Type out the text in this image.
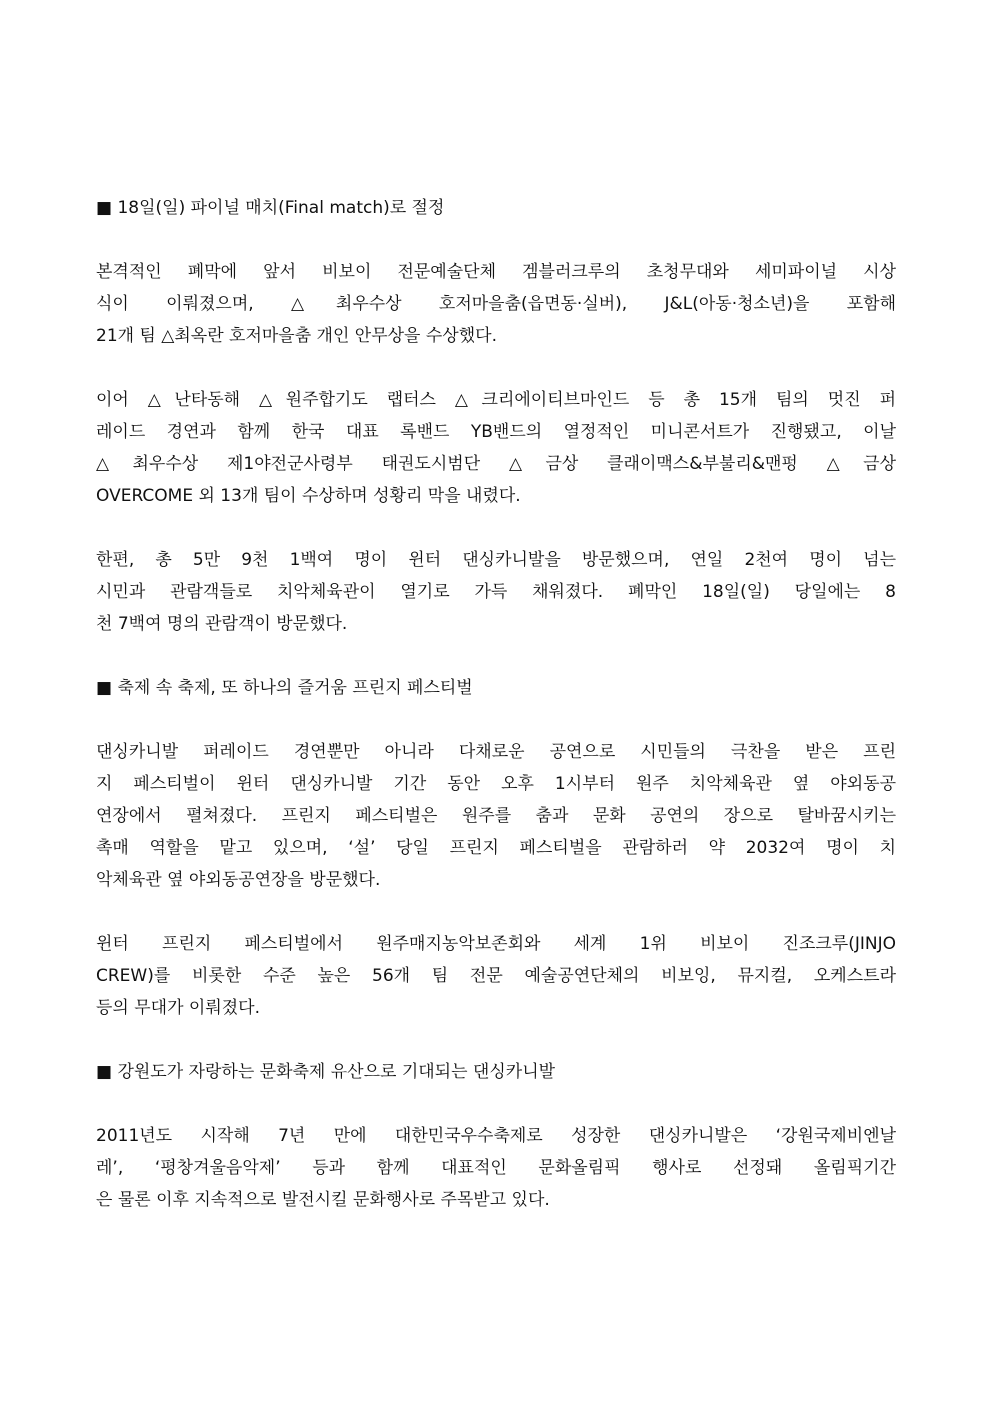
■ 18일(일) 파이널 매치(Final match)로 절정
본격적인 폐막에 앞서 비보이 전문예술단체 겜블러크루의 초청무대와 세미파이널 시상
식이 이뤄졌으며, △최우수상 호저마을춤(읍면동·실버), J&L(아동·청소년)을 포함해
21개 팀 △최옥란 호저마을춤 개인 안무상을 수상했다.
이어 △난타동해 △원주합기도 랩터스 △크리에이티브마인드 등 총 15개 팀의 멋진 퍼
레이드 경연과 함께 한국 대표 록밴드 YB밴드의 열정적인 미니콘서트가 진행됐고, 이날
△최우수상 제1야전군사령부 태권도시범단 △금상 클래이맥스&부불리&맨펑 △금상
OVERCOME 외 13개 팀이 수상하며 성황리 막을 내렸다.
한편, 총 5만 9천 1백여 명이 윈터 댄싱카니발을 방문했으며, 연일 2천여 명이 넘는
시민과 관람객들로 치악체육관이 열기로 가득 채워졌다. 폐막인 18일(일) 당일에는 8
천 7백여 명의 관람객이 방문했다.
■ 축제 속 축제, 또 하나의 즐거움 프린지 페스티벌
댄싱카니발 퍼레이드 경연뿐만 아니라 다채로운 공연으로 시민들의 극찬을 받은 프린
지 페스티벌이 윈터 댄싱카니발 기간 동안 오후 1시부터 원주 치악체육관 옆 야외동공
연장에서 펼쳐졌다. 프린지 페스티벌은 원주를 춤과 문화 공연의 장으로 탈바꿈시키는
촉매 역할을 맡고 있으며, ‘설’ 당일 프린지 페스티벌을 관람하러 약 2032여 명이 치
악체육관 옆 야외동공연장을 방문했다.
윈터 프린지 페스티벌에서 원주매지농악보존회와 세계 1위 비보이 진조크루(JINJO
CREW)를 비롯한 수준 높은 56개 팀 전문 예술공연단체의 비보잉, 뮤지컬, 오케스트라
등의 무대가 이뤄졌다.
■ 강원도가 자랑하는 문화축제 유산으로 기대되는 댄싱카니발
2011년도 시작해 7년 만에 대한민국우수축제로 성장한 댄싱카니발은 ‘강원국제비엔날
레’, ‘평창겨울음악제’ 등과 함께 대표적인 문화올림픽 행사로 선정돼 올림픽기간
은 물론 이후 지속적으로 발전시킬 문화행사로 주목받고 있다.
